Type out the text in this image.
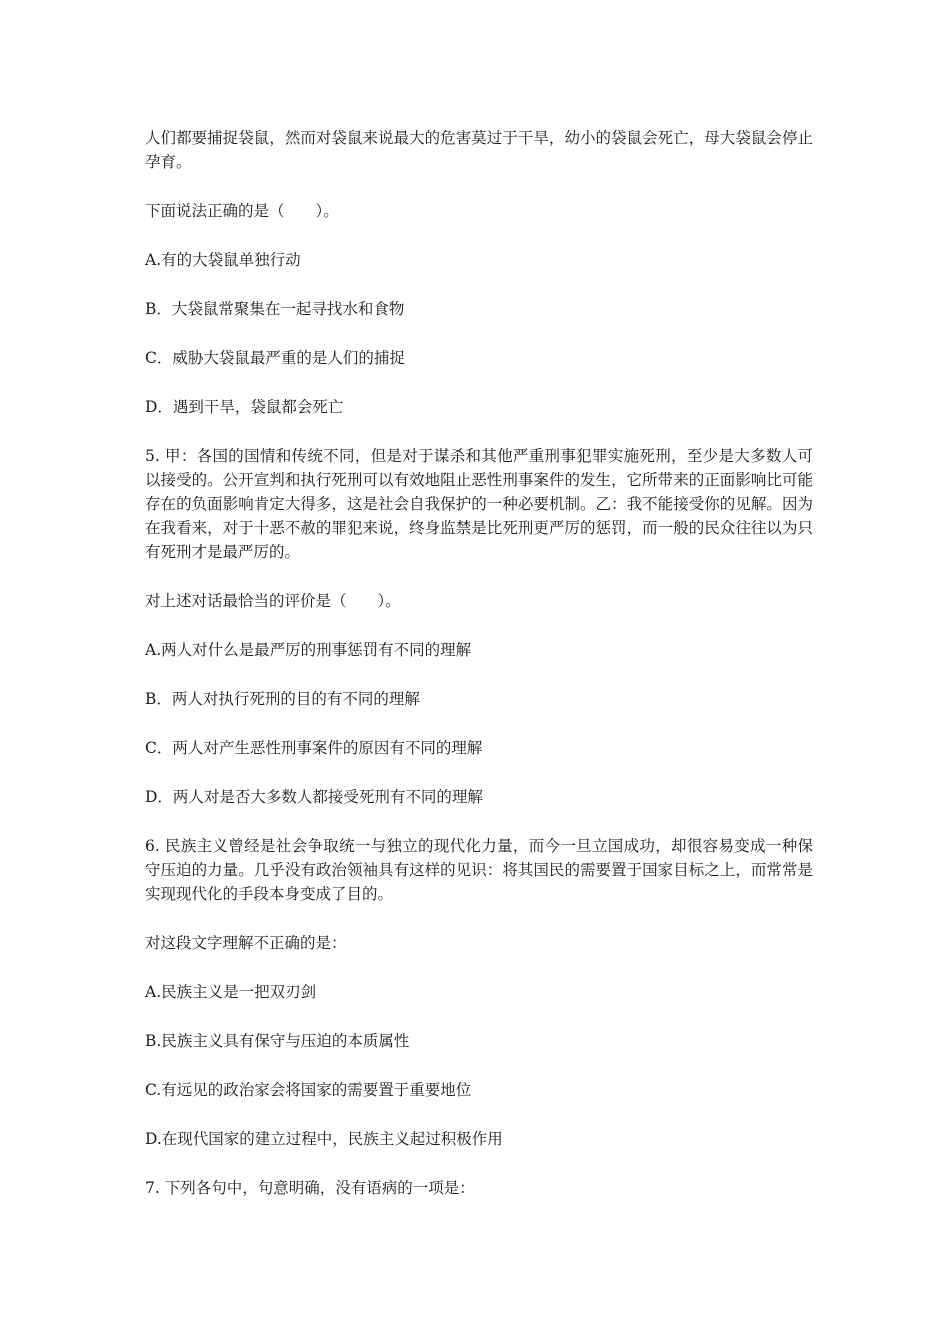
人们都要捕捉袋鼠，然而对袋鼠来说最大的危害莫过于干旱，幼小的袋鼠会死亡，母大袋鼠会停止孕育。

下面说法正确的是（　　）。

A.有的大袋鼠单独行动

B．大袋鼠常聚集在一起寻找水和食物

C．威胁大袋鼠最严重的是人们的捕捉

D．遇到干旱，袋鼠都会死亡

5. 甲：各国的国情和传统不同，但是对于谋杀和其他严重刑事犯罪实施死刑，至少是大多数人可以接受的。公开宣判和执行死刑可以有效地阻止恶性刑事案件的发生，它所带来的正面影响比可能存在的负面影响肯定大得多，这是社会自我保护的一种必要机制。乙：我不能接受你的见解。因为在我看来，对于十恶不赦的罪犯来说，终身监禁是比死刑更严厉的惩罚，而一般的民众往往以为只有死刑才是最严厉的。

对上述对话最恰当的评价是（　　）。

A.两人对什么是最严厉的刑事惩罚有不同的理解

B．两人对执行死刑的目的有不同的理解

C．两人对产生恶性刑事案件的原因有不同的理解

D．两人对是否大多数人都接受死刑有不同的理解

6. 民族主义曾经是社会争取统一与独立的现代化力量，而今一旦立国成功，却很容易变成一种保守压迫的力量。几乎没有政治领袖具有这样的见识：将其国民的需要置于国家目标之上，而常常是实现现代化的手段本身变成了目的。

对这段文字理解不正确的是：

A.民族主义是一把双刃剑

B.民族主义具有保守与压迫的本质属性

C.有远见的政治家会将国家的需要置于重要地位

D.在现代国家的建立过程中，民族主义起过积极作用

7. 下列各句中，句意明确，没有语病的一项是：
